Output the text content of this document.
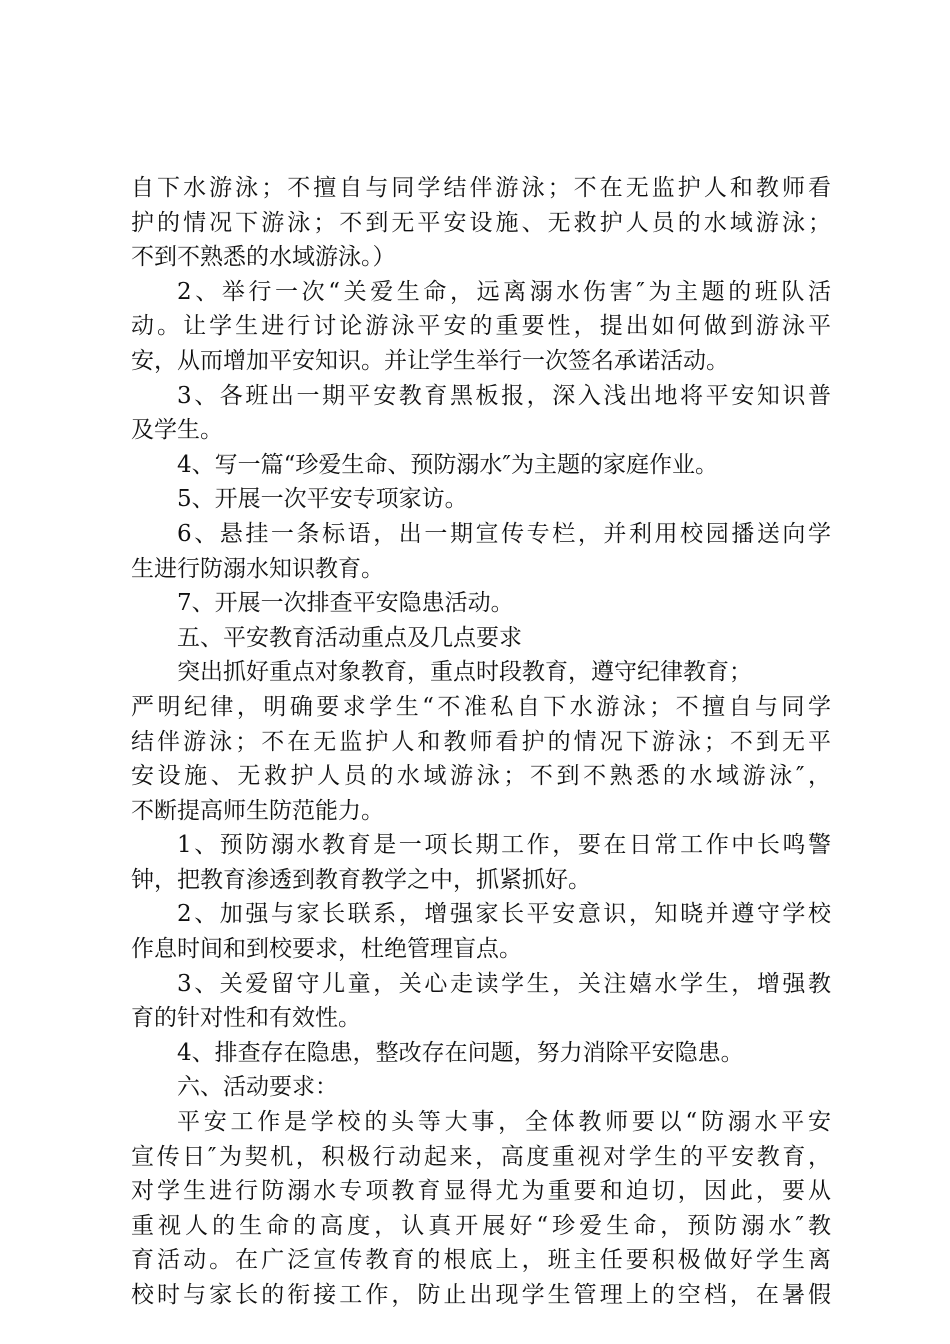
自下水游泳；不擅自与同学结伴游泳；不在无监护人和教师看
护的情况下游泳；不到无平安设施、无救护人员的水域游泳；
不到不熟悉的水域游泳。）
2、举行一次“关爱生命，远离溺水伤害″为主题的班队活
动。让学生进行讨论游泳平安的重要性，提出如何做到游泳平
安，从而增加平安知识。并让学生举行一次签名承诺活动。
3、各班出一期平安教育黑板报，深入浅出地将平安知识普
及学生。
4、写一篇“珍爱生命、预防溺水″为主题的家庭作业。
5、开展一次平安专项家访。
6、悬挂一条标语，出一期宣传专栏，并利用校园播送向学
生进行防溺水知识教育。
7、开展一次排查平安隐患活动。
五、平安教育活动重点及几点要求
突出抓好重点对象教育，重点时段教育，遵守纪律教育；
严明纪律，明确要求学生“不准私自下水游泳；不擅自与同学
结伴游泳；不在无监护人和教师看护的情况下游泳；不到无平
安设施、无救护人员的水域游泳；不到不熟悉的水域游泳″，
不断提高师生防范能力。
1、预防溺水教育是一项长期工作，要在日常工作中长鸣警
钟，把教育渗透到教育教学之中，抓紧抓好。
2、加强与家长联系，增强家长平安意识，知晓并遵守学校
作息时间和到校要求，杜绝管理盲点。
3、关爱留守儿童，关心走读学生，关注嬉水学生，增强教
育的针对性和有效性。
4、排查存在隐患，整改存在问题，努力消除平安隐患。
六、活动要求：
平安工作是学校的头等大事，全体教师要以“防溺水平安
宣传日″为契机，积极行动起来，高度重视对学生的平安教育，
对学生进行防溺水专项教育显得尤为重要和迫切，因此，要从
重视人的生命的高度，认真开展好“珍爱生命，预防溺水″教
育活动。在广泛宣传教育的根底上，班主任要积极做好学生离
校时与家长的衔接工作，防止出现学生管理上的空档，在暑假
